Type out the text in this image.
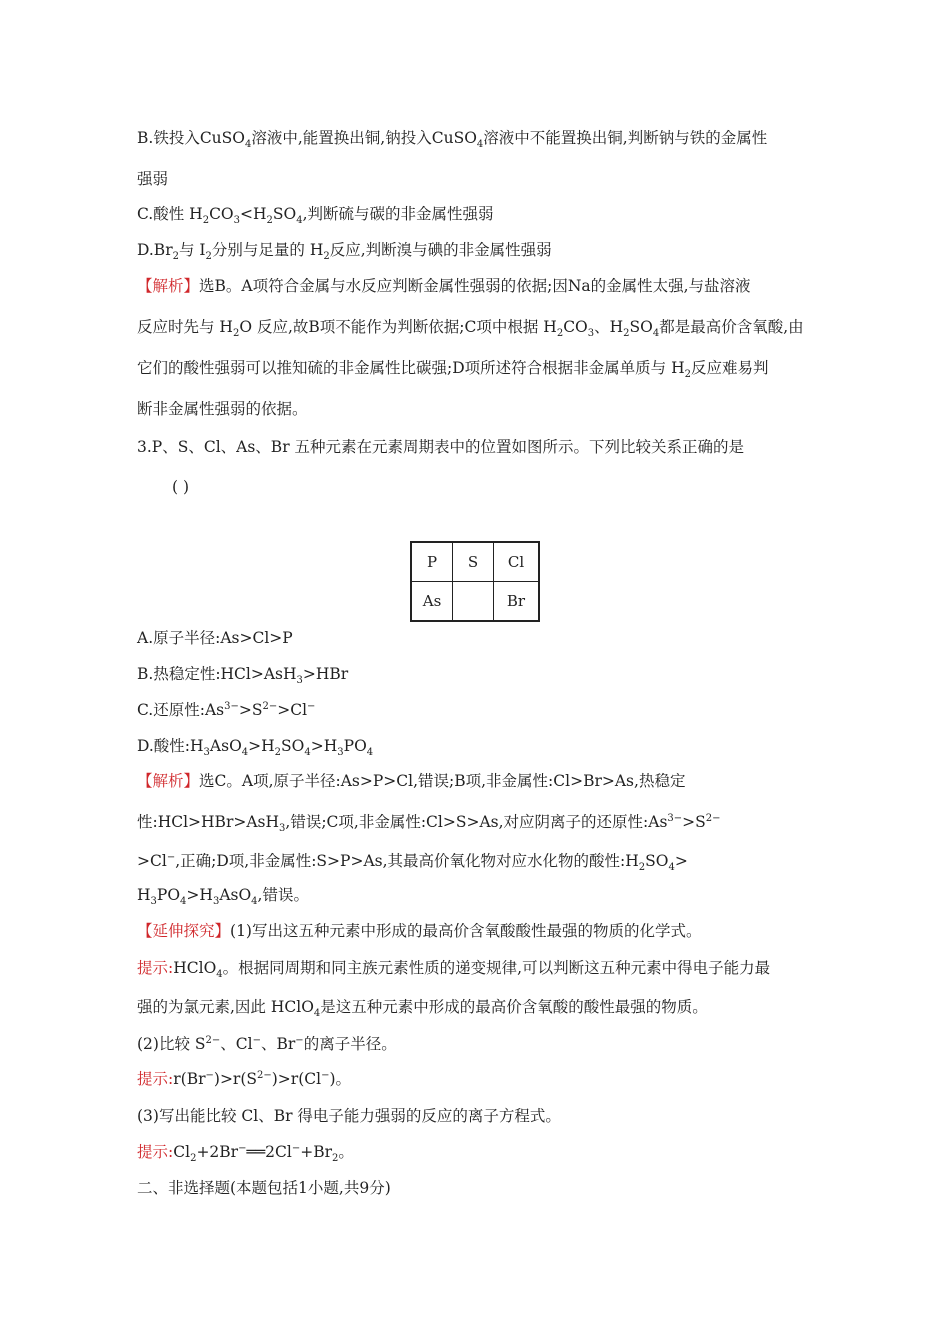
B.铁投入CuSO$_4$溶液中,能置换出铜,钠投入CuSO$_4$溶液中不能置换出铜,判断钠与铁的金属性
强弱
C.酸性 $H_2CO_3<H_2SO_4$,判断硫与碳的非金属性强弱
$D.Br_2$与 $I_2$分别与足量的 $H_2$反应,判断溴与碘的非金属性强弱
【解析】选B。A项符合金属与水反应判断金属性强弱的依据;因Na的金属性太强,与盐溶液
反应时先与 $H_2O$ 反应,故B项不能作为判断依据;C项中根据 $H_2CO_3$、$H_2SO_4$都是最高价含氧酸,由
它们的酸性强弱可以推知硫的非金属性比碳强;D项所述符合根据非金属单质与 $H_2$反应难易判
断非金属性强弱的依据。
3.P、S、Cl、As、Br 五种元素在元素周期表中的位置如图所示。下列比较关系正确的是
( )
P	S	Cl
As		Br
A.原子半径:As>Cl>P
B.热稳定性:HCl>AsH$_3$>HBr
C.还原性$:As^{3-}>S^{2-}>Cl^-$
D.酸性$:H_3AsO_4>H_2SO_4>H_3PO_4$
【解析】选C。A项,原子半径:As>P>Cl,错误;B项,非金属性:Cl>Br>As,热稳定
性:HCl>HBr>AsH$_3$,错误;C项,非金属性:Cl>S>As,对应阴离子的还原性$:As^{3-}>S^{2-}$
>Cl−,正确;D项,非金属性:S>P>As,其最高价氧化物对应水化物的酸性$:H_2SO_4>$
$H_3PO_4>H_3AsO_4$,错误。
【延伸探究】(1)写出这五种元素中形成的最高价含氧酸酸性最强的物质的化学式。
提示:HClO$_4$。根据同周期和同主族元素性质的递变规律,可以判断这五种元素中得电子能力最
强的为氯元素,因此 HClO$_4$是这五种元素中形成的最高价含氧酸的酸性最强的物质。
(2)比较 $S^{2-}$、Cl−、Br−的离子半径。
提示$:r(Br^-)>r(S^{2-})>r(Cl^-)$。
(3)写出能比较 Cl、Br 得电子能力强弱的反应的离子方程式。
提示$:Cl_2+2Br^-══2Cl^-+Br_2$。
二、非选择题(本题包括1小题,共9分)
